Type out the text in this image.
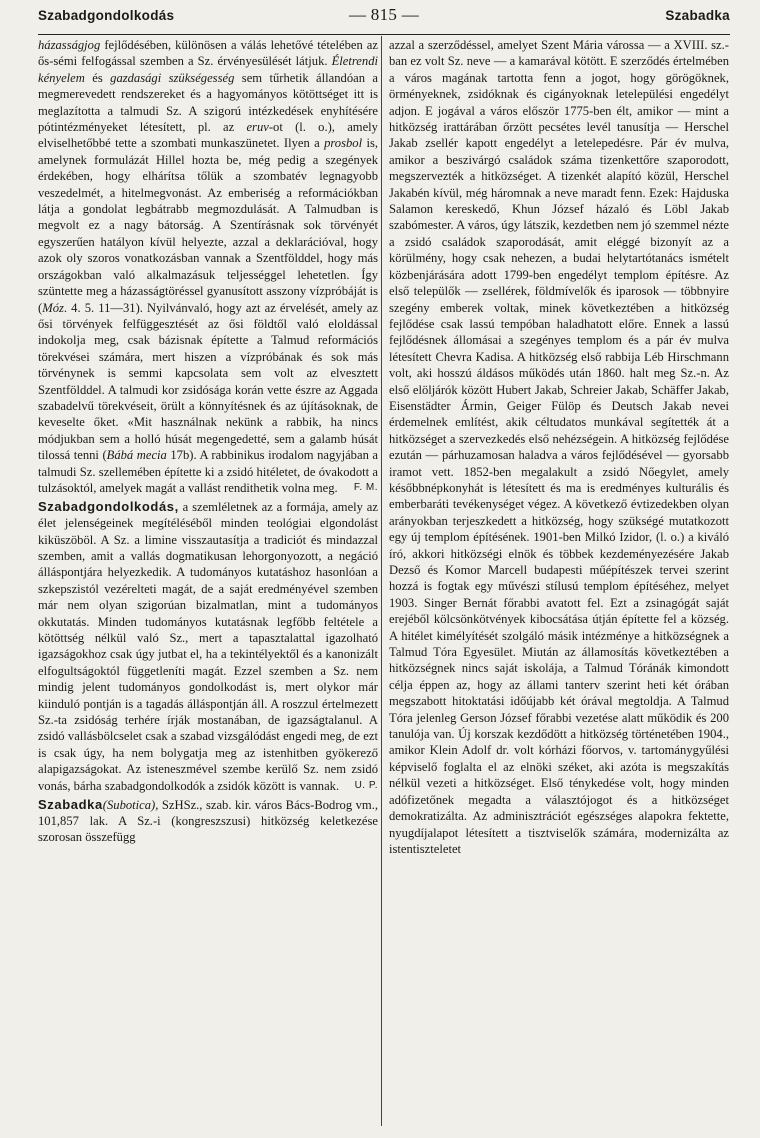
Szabadgondolkodás	— 815 —	Szabadka

házasságjog fejlődésében, különösen a válás lehetővé tételében az ős-sémi felfogással szemben a Sz. érvényesülését látjuk. Életrendi kényelem és gazdasági szükségesség sem tűrhetik állandóan a megmerevedett rendszereket és a hagyományos kötöttséget itt is meglazította a talmudi Sz. A szigorú intézkedések enyhítésére pótintézményeket létesített, pl. az eruv-ot (l. o.), amely elviselhetőbbé tette a szombati munkaszünetet. Ilyen a prosbol is, amelynek formulázát Hillel hozta be, még pedig a szegények érdekében, hogy elhárítsa tőlük a szombatév legnagyobb veszedelmét, a hitelmegvonást. Az emberiség a reformációkban látja a gondolat legbátrabb megmozdulását. A Talmudban is megvolt ez a nagy bátorság. A Szentírásnak sok törvényét egyszerűen hatályon kívül helyezte, azzal a deklarációval, hogy azok oly szoros vonatkozásban vannak a Szentfölddel, hogy más országokban való alkalmazásuk teljességgel lehetetlen. Így szüntette meg a házasságtöréssel gyanusított asszony vízpróbáját is (Móz. 4. 5. 11—31). Nyilvánvaló, hogy azt az érvelését, amely az ősi törvények felfüggesztését az ősi földtől való eloldással indokolja meg, csak bázisnak építette a Talmud reformációs törekvései számára, mert hiszen a vízpróbának és sok más törvénynek is semmi kapcsolata sem volt az elvesztett Szentfölddel. A talmudi kor zsidósága korán vette észre az Aggada szabadelvű törekvéseit, örült a könnyítésnek és az újításoknak, de keveselte őket. «Mit használnak nekünk a rabbik, ha nincs módjukban sem a holló húsát megengedetté, sem a galamb húsát tilossá tenni (Bábá mecia 17b). A rabbinikus irodalom nagyjában a talmudi Sz. szellemében építette ki a zsidó hitéletet, de óvakodott a tulzásoktól, amelyek magát a vallást rendithetik volna meg.	F. M.

Szabadgondolkodás, a szemléletnek az a formája, amely az élet jelenségeinek megítéléséből minden teológiai elgondolást kiküszöböl. A Sz. a limine visszautasítja a tradiciót és mindazzal szemben, amit a vallás dogmatikusan lehorgonyozott, a negáció álláspontjára helyezkedik. A tudományos kutatáshoz hasonlóan a szkepszistól vezérelteti magát, de a saját eredményével szemben már nem olyan szigorúan bizalmatlan, mint a tudományos okkutatás. Minden tudományos kutatásnak legfőbb feltétele a kötöttség nélkül való Sz., mert a tapasztalattal igazolható igazságokhoz csak úgy jutbat el, ha a tekintélyektől és a kanonizált elfogultságoktól függetleníti magát. Ezzel szemben a Sz. nem mindig jelent tudományos gondolkodást is, mert olykor már kiinduló pontján is a tagadás álláspontján áll. A roszzul értelmezett Sz.-ta zsidóság terhére írják mostanában, de igazságtalanul. A zsidó vallásbölcselet csak a szabad vizsgálódást engedi meg, de ezt is csak úgy, ha nem bolygatja meg az istenhitben gyökerező alapigazságokat. Az isteneszmével szembe kerülő Sz. nem zsidó vonás, bárha szabadgondolkodók a zsidók között is vannak.	U. P.

Szabadka(Subotica), SzHSz., szab. kir. város Bács-Bodrog vm., 101,857 lak. A Sz.-i (kongreszszusi) hitközség keletkezése szorosan összefügg

azzal a szerződéssel, amelyet Szent Mária várossa — a XVIII. sz.-ban ez volt Sz. neve — a kamarával kötött. E szerződés értelmében a város magának tartotta fenn a jogot, hogy görögöknek, örményeknek, zsidóknak és cigányoknak letelepülési engedélyt adjon. E jogával a város először 1775-ben élt, amikor — mint a hitközség irattárában őrzött pecsétes levél tanusítja — Herschel Jakab zsellér kapott engedélyt a letelepedésre. Pár év mulva, amikor a beszivárgó családok száma tizenkettőre szaporodott, megszervezték a hitközséget. A tizenkét alapító közül, Herschel Jakabén kívül, még háromnak a neve maradt fenn. Ezek: Hajduska Salamon kereskedő, Khun József házaló és Löbl Jakab szabómester. A város, úgy látszik, kezdetben nem jó szemmel nézte a zsidó családok szaporodását, amit eléggé bizonyít az a körülmény, hogy csak nehezen, a budai helytartótanács ismételt közbenjárására adott 1799-ben engedélyt templom építésre. Az első települők — zsellérek, földmívelők és iparosok — többnyire szegény emberek voltak, minek következtében a hitközség fejlődése csak lassú tempóban haladhatott előre. Ennek a lassú fejlődésnek állomásai a szegényes templom és a pár év mulva létesített Chevra Kadisa. A hitközség első rabbija Léb Hirschmann volt, aki hosszú áldásos működés után 1860. halt meg Sz.-n. Az első elöljárók között Hubert Jakab, Schreier Jakab, Schäffer Jakab, Eisenstädter Ármin, Geiger Fülöp és Deutsch Jakab nevei érdemelnek említést, akik céltudatos munkával segítették át a hitközséget a szervezkedés első nehézségein. A hitközség fejlődése ezután — párhuzamosan haladva a város fejlődésével — gyorsabb iramot vett. 1852-ben megalakult a zsidó Nőegylet, amely későbbnépkonyhát is létesített és ma is eredményes kulturális és emberbaráti tevékenységet végez. A következő évtizedekben olyan arányokban terjeszkedett a hitközség, hogy szükségé mutatkozott egy új templom építésének. 1901-ben Milkó Izidor, (l. o.) a kiváló író, akkori hitközségi elnök és többek kezdeményezésére Jakab Dezső és Komor Marcell budapesti műépítészek tervei szerint hozzá is fogtak egy művészi stílusú templom építéséhez, melyet 1903. Singer Bernát főrabbi avatott fel. Ezt a zsinagógát saját erejéből kölcsönkötvények kibocsátása útján építette fel a község. A hitélet kimélyítését szolgáló másik intézménye a hitközségnek a Talmud Tóra Egyesület. Miután az államosítás következtében a hitközségnek nincs saját iskolája, a Talmud Tóránák kimondott célja éppen az, hogy az állami tanterv szerint heti két órában megszabott hitoktatási időújabb két órával megtoldja. A Talmud Tóra jelenleg Gerson József főrabbi vezetése alatt működik és 200 tanulója van. Új korszak kezdődött a hitközség történetében 1904., amikor Klein Adolf dr. volt kórházi főorvos, v. tartománygyűlési képviselő foglalta el az elnöki széket, aki azóta is megszakítás nélkül vezeti a hitközséget. Első ténykedése volt, hogy minden adófizetőnek megadta a választójogot és a hitközséget demokratizálta. Az adminisztrációt egészséges alapokra fektette, nyugdíjalapot létesített a tisztviselők számára, modernizálta az istentiszteletet
